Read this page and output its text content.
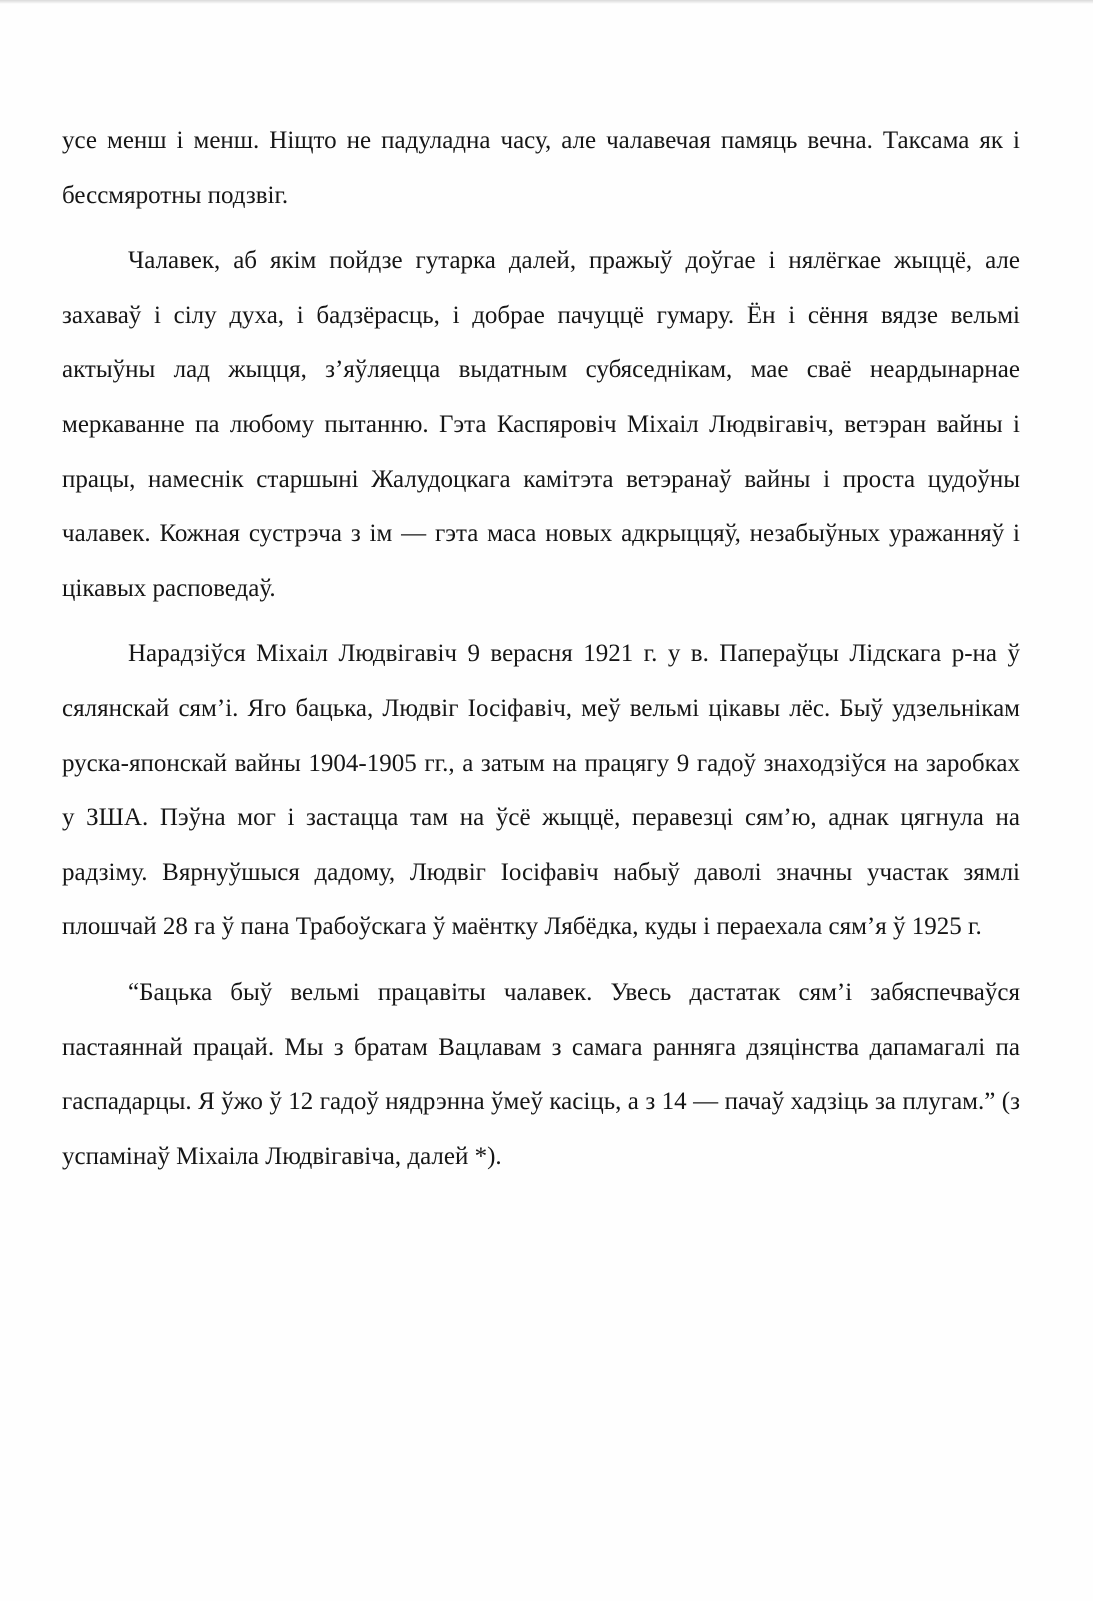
усе менш і менш. Ніщто не падуладна часу, але чалавечая памяць вечна. Таксама як і бессмяротны подзвіг.

Чалавек, аб якім пойдзе гутарка далей, пражыў доўгае і нялёгкае жыццё, але захаваў і сілу духа, і бадзёрасць, і добрае пачуццё гумару. Ён і сёння вядзе вельмі актыўны лад жыцця, з’яўляецца выдатным субяседнікам, мае сваё неардынарнае меркаванне па любому пытанню. Гэта Каспяровіч Міхаіл Людвігавіч, ветэран вайны і працы, намеснік старшыні Жалудоцкага камітэта ветэранаў вайны і проста цудоўны чалавек. Кожная сустрэча з ім — гэта маса новых адкрыццяў, незабыўных уражанняў і цікавых расповедаў.

Нарадзіўся Міхаіл Людвігавіч 9 верасня 1921 г. у в. Папераўцы Лідскага р-на ў сялянскай сям’і. Яго бацька, Людвіг Іосіфавіч, меў вельмі цікавы лёс. Быў удзельнікам руска-японскай вайны 1904-1905 гг., а затым на працягу 9 гадоў знаходзіўся на заробках у ЗША. Пэўна мог і застацца там на ўсё жыццё, перавезці сям’ю, аднак цягнула на радзіму. Вярнуўшыся дадому, Людвіг Іосіфавіч набыў даволі значны участак зямлі плошчай 28 га ў пана Трабоўскага ў маёнтку Лябёдка, куды і пераехала сям’я ў 1925 г.

“Бацька быў вельмі працавіты чалавек. Увесь дастатак сям’і забяспечваўся пастаяннай працай. Мы з братам Вацлавам з самага ранняга дзяцінства дапамагалі па гаспадарцы. Я ўжо ў 12 гадоў нядрэнна ўмеў касіць, а з 14 — пачаў хадзіць за плугам.” (з успамінаў Міхаіла Людвігавіча, далей *).
